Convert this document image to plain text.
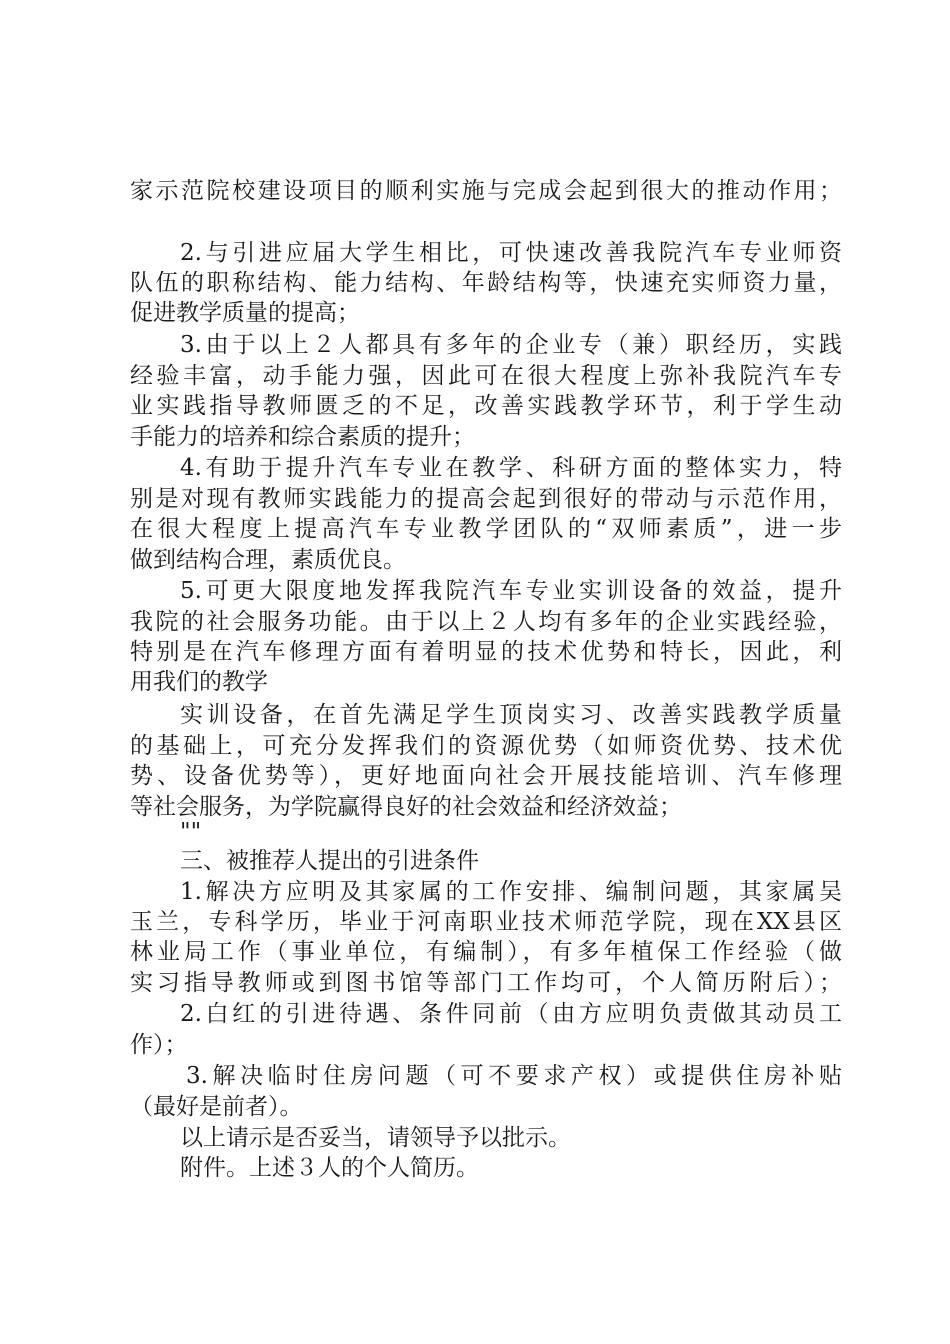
家示范院校建设项目的顺利实施与完成会起到很大的推动作用；
2.与引进应届大学生相比，可快速改善我院汽车专业师资
队伍的职称结构、能力结构、年龄结构等，快速充实师资力量，
促进教学质量的提高；
3.由于以上２人都具有多年的企业专（兼）职经历，实践
经验丰富，动手能力强，因此可在很大程度上弥补我院汽车专
业实践指导教师匮乏的不足，改善实践教学环节，利于学生动
手能力的培养和综合素质的提升；
4.有助于提升汽车专业在教学、科研方面的整体实力，特
别是对现有教师实践能力的提高会起到很好的带动与示范作用，
在很大程度上提高汽车专业教学团队的“双师素质”，进一步
做到结构合理，素质优良。
5.可更大限度地发挥我院汽车专业实训设备的效益，提升
我院的社会服务功能。由于以上２人均有多年的企业实践经验，
特别是在汽车修理方面有着明显的技术优势和特长，因此，利
用我们的教学
实训设备，在首先满足学生顶岗实习、改善实践教学质量
的基础上，可充分发挥我们的资源优势（如师资优势、技术优
势、设备优势等），更好地面向社会开展技能培训、汽车修理
等社会服务，为学院赢得良好的社会效益和经济效益；
""
三、被推荐人提出的引进条件
1.解决方应明及其家属的工作安排、编制问题，其家属吴
玉兰，专科学历，毕业于河南职业技术师范学院，现在XX县区
林业局工作（事业单位，有编制），有多年植保工作经验（做
实习指导教师或到图书馆等部门工作均可，个人简历附后）；
2.白红的引进待遇、条件同前（由方应明负责做其动员工
作）；
3.解决临时住房问题（可不要求产权）或提供住房补贴
（最好是前者）。
以上请示是否妥当，请领导予以批示。
附件。上述３人的个人简历。
